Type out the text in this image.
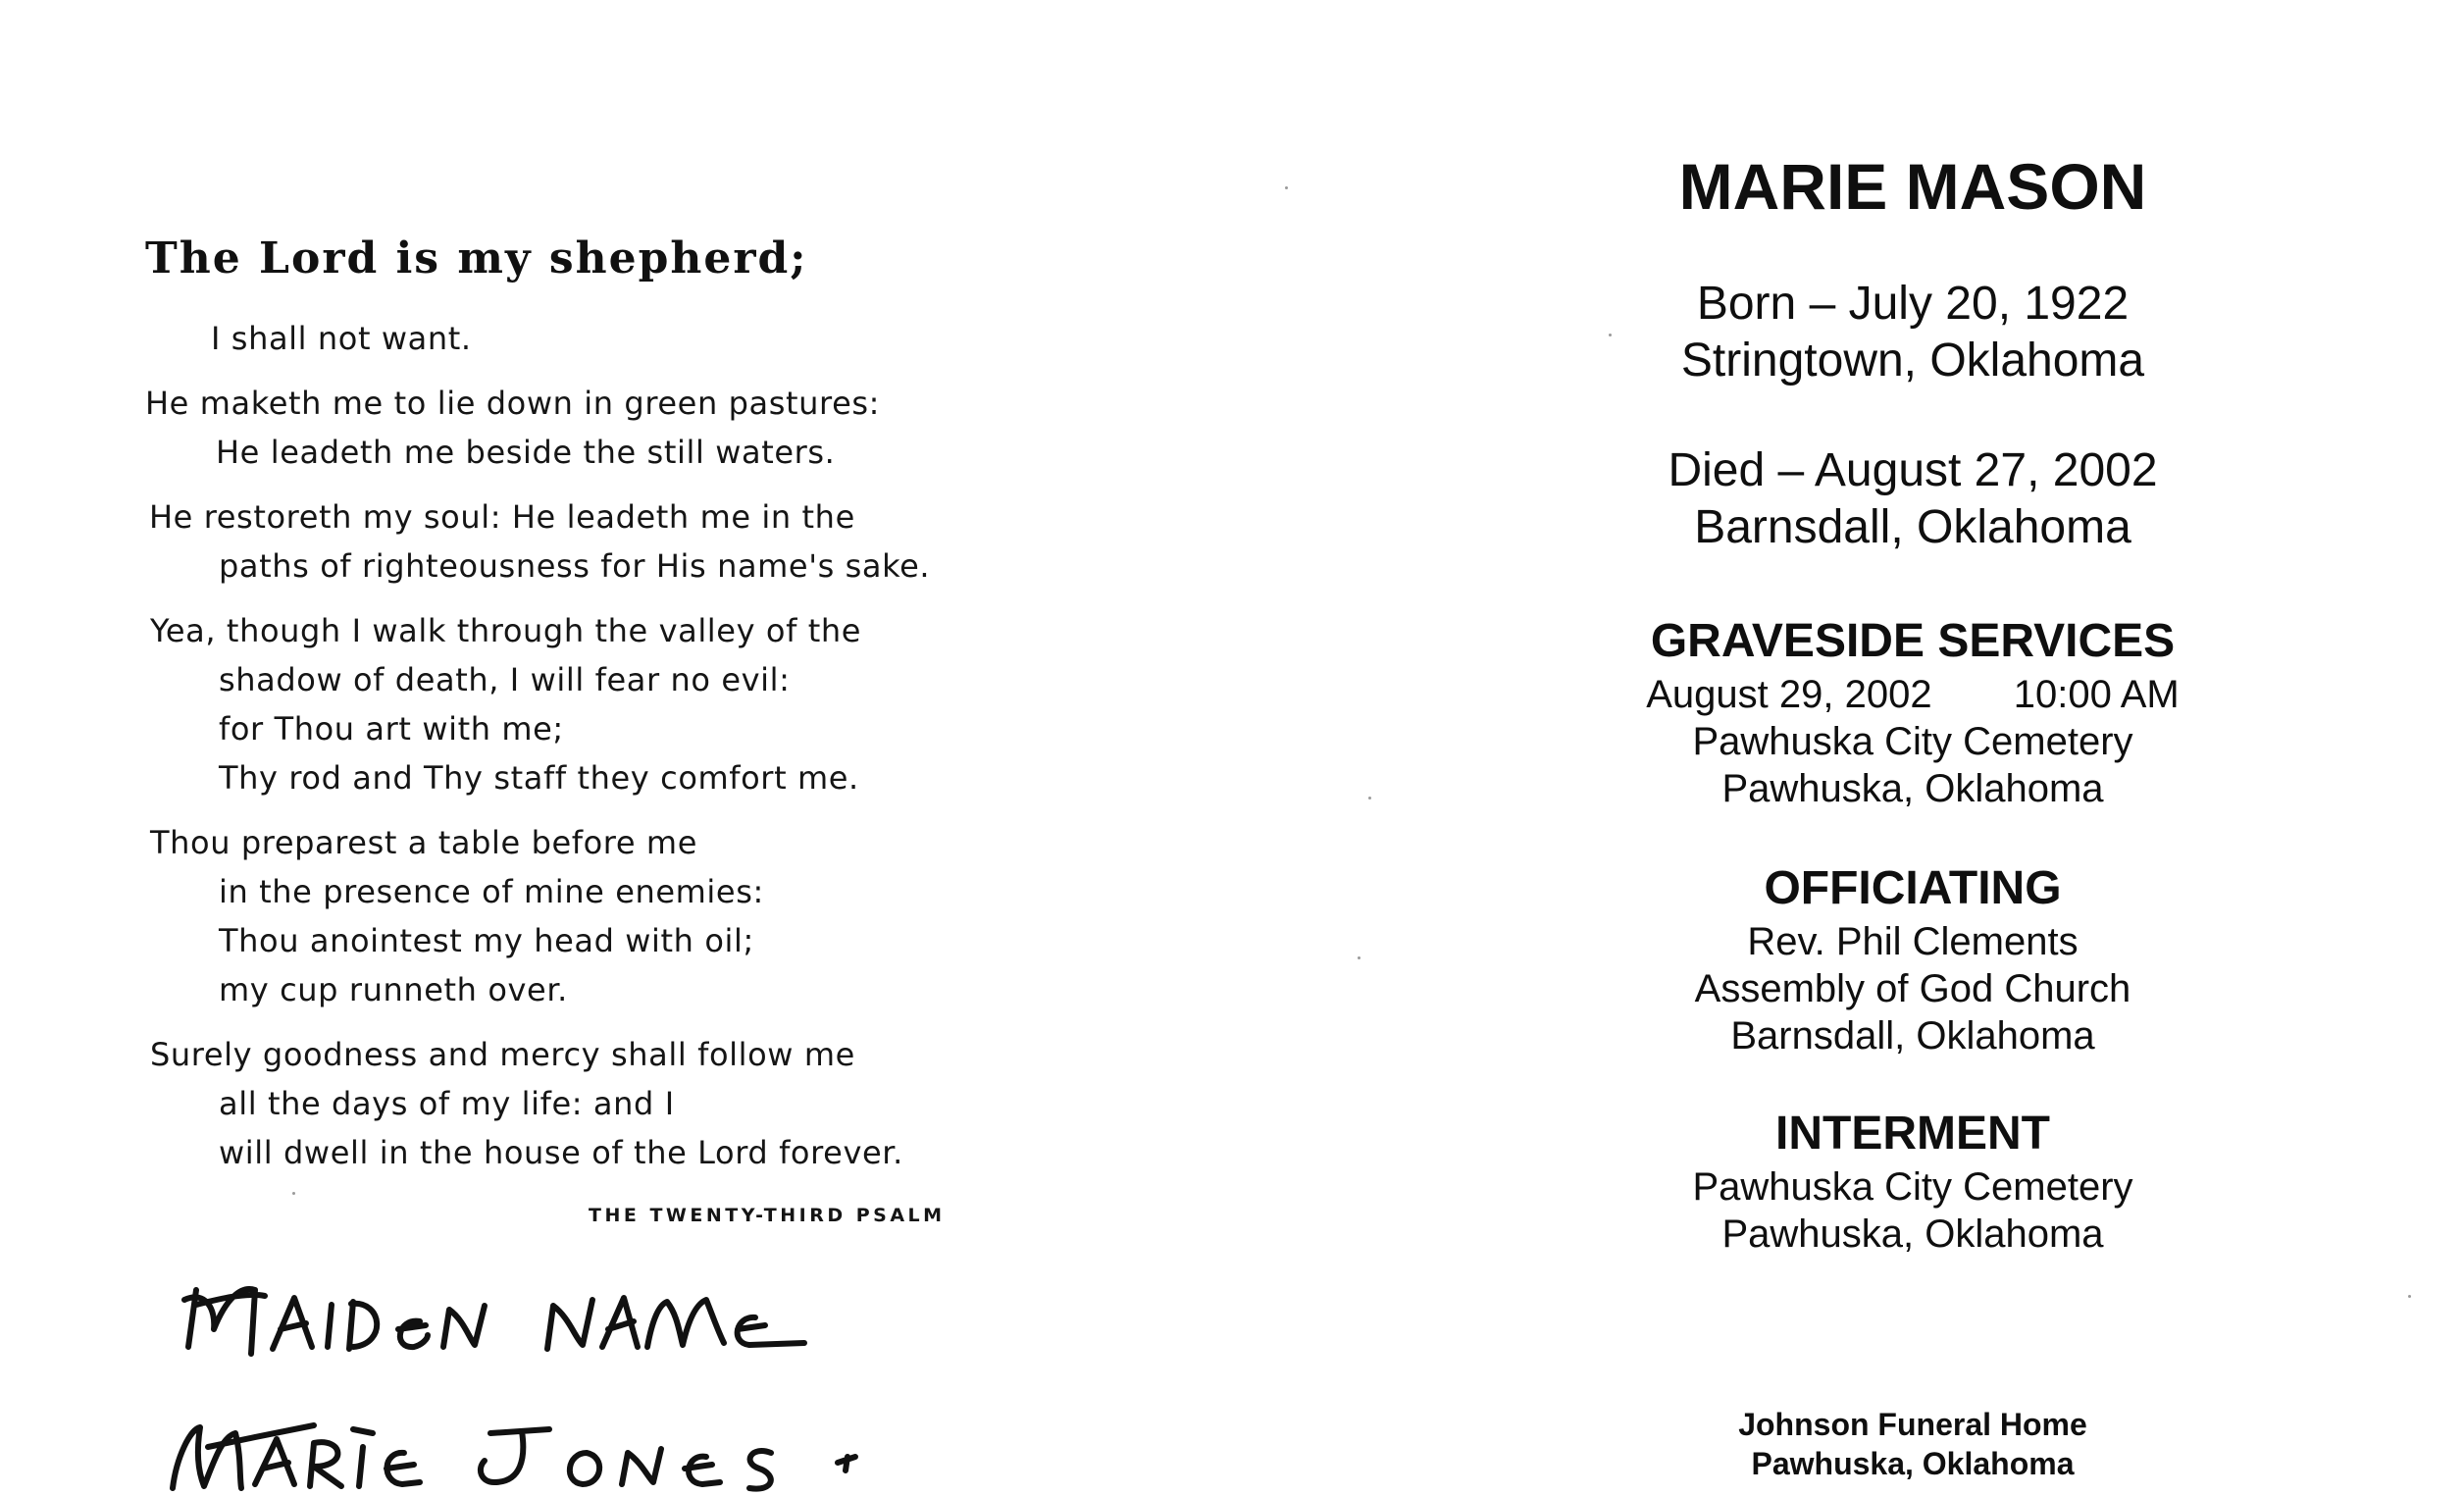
The Lord is my shepherd;
I shall not want.
He maketh me to lie down in green pastures:
He leadeth me beside the still waters.
He restoreth my soul: He leadeth me in the
paths of righteousness for His name's sake.
Yea, though I walk through the valley of the
shadow of death, I will fear no evil:
for Thou art with me;
Thy rod and Thy staff they comfort me.
Thou preparest a table before me
in the presence of mine enemies:
Thou anointest my head with oil;
my cup runneth over.
Surely goodness and mercy shall follow me
all the days of my life: and I
will dwell in the house of the Lord forever.
THE TWENTY-THIRD PSALM
MARIE MASON
Born – July 20, 1922
Stringtown, Oklahoma
Died – August 27, 2002
Barnsdall, Oklahoma
GRAVESIDE SERVICES
August 29, 2002 10:00 AM
Pawhuska City Cemetery
Pawhuska, Oklahoma
OFFICIATING
Rev. Phil Clements
Assembly of God Church
Barnsdall, Oklahoma
INTERMENT
Pawhuska City Cemetery
Pawhuska, Oklahoma
Johnson Funeral Home
Pawhuska, Oklahoma
